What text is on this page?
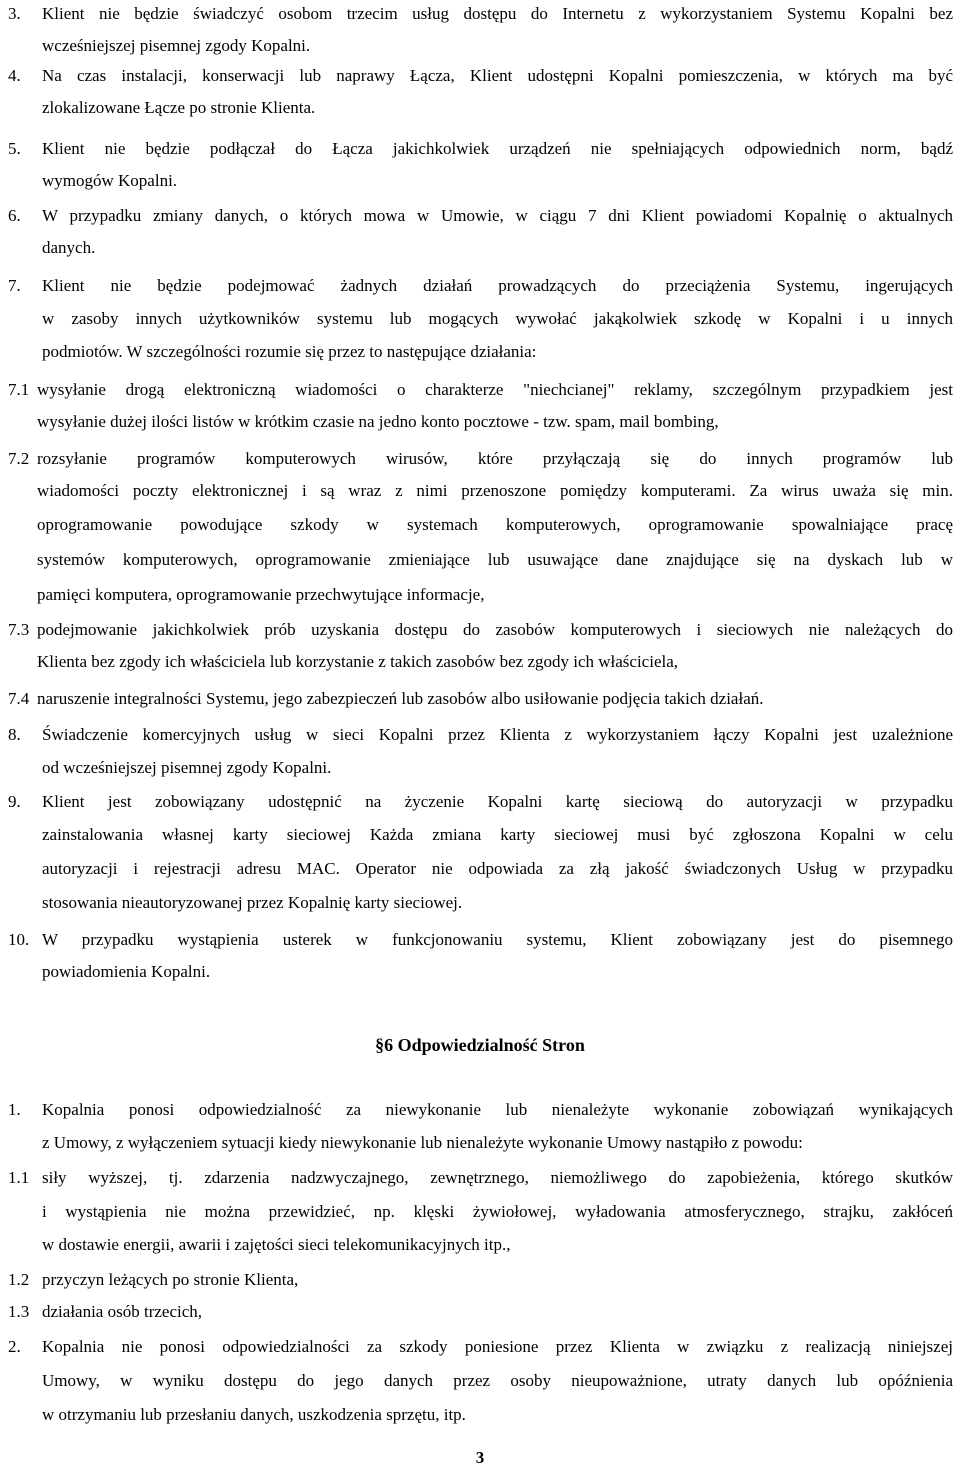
3. Klient nie będzie świadczyć osobom trzecim usług dostępu do Internetu z wykorzystaniem Systemu Kopalni bez
wcześniejszej pisemnej zgody Kopalni.
4. Na czas instalacji, konserwacji lub naprawy Łącza, Klient udostępni Kopalni pomieszczenia, w których ma być
zlokalizowane Łącze po stronie Klienta.
5. Klient nie będzie podłączał do Łącza jakichkolwiek urządzeń nie spełniających odpowiednich norm, bądź
wymogów Kopalni.
6. W przypadku zmiany danych, o których mowa w Umowie, w ciągu 7 dni Klient powiadomi Kopalnię o aktualnych
danych.
7. Klient nie będzie podejmować żadnych działań prowadzących do przeciążenia Systemu, ingerujących
w zasoby innych użytkowników systemu lub mogących wywołać jakąkolwiek szkodę w Kopalni i u innych
podmiotów. W szczególności rozumie się przez to następujące działania:
7.1 wysyłanie drogą elektroniczną wiadomości o charakterze "niechcianej" reklamy, szczególnym przypadkiem jest
wysyłanie dużej ilości listów w krótkim czasie na jedno konto pocztowe - tzw. spam, mail bombing,
7.2 rozsyłanie programów komputerowych wirusów, które przyłączają się do innych programów lub
wiadomości poczty elektronicznej i są wraz z nimi przenoszone pomiędzy komputerami. Za wirus uważa się min.
oprogramowanie powodujące szkody w systemach komputerowych, oprogramowanie spowalniające pracę
systemów komputerowych, oprogramowanie zmieniające lub usuwające dane znajdujące się na dyskach lub w
pamięci komputera, oprogramowanie przechwytujące informacje,
7.3 podejmowanie jakichkolwiek prób uzyskania dostępu do zasobów komputerowych i sieciowych nie należących do
Klienta bez zgody ich właściciela lub korzystanie z takich zasobów bez zgody ich właściciela,
7.4 naruszenie integralności Systemu, jego zabezpieczeń lub zasobów albo usiłowanie podjęcia takich działań.
8. Świadczenie komercyjnych usług w sieci Kopalni przez Klienta z wykorzystaniem łączy Kopalni jest uzależnione
od wcześniejszej pisemnej zgody Kopalni.
9. Klient jest zobowiązany udostępnić na życzenie Kopalni kartę sieciową do autoryzacji w przypadku
zainstalowania własnej karty sieciowej Każda zmiana karty sieciowej musi być zgłoszona Kopalni w celu
autoryzacji i rejestracji adresu MAC. Operator nie odpowiada za złą jakość świadczonych Usług w przypadku
stosowania nieautoryzowanej przez Kopalnię karty sieciowej.
10. W przypadku wystąpienia usterek w funkcjonowaniu systemu, Klient zobowiązany jest do pisemnego
powiadomienia Kopalni.
§6 Odpowiedzialność Stron
1. Kopalnia ponosi odpowiedzialność za niewykonanie lub nienależyte wykonanie zobowiązań wynikających
z Umowy, z wyłączeniem sytuacji kiedy niewykonanie lub nienależyte wykonanie Umowy nastąpiło z powodu:
1.1 siły wyższej, tj. zdarzenia nadzwyczajnego, zewnętrznego, niemożliwego do zapobieżenia, którego skutków
i wystąpienia nie można przewidzieć, np. klęski żywiołowej, wyładowania atmosferycznego, strajku, zakłóceń
w dostawie energii, awarii i zajętości sieci telekomunikacyjnych itp.,
1.2 przyczyn leżących po stronie Klienta,
1.3 działania osób trzecich,
2. Kopalnia nie ponosi odpowiedzialności za szkody poniesione przez Klienta w związku z realizacją niniejszej
Umowy, w wyniku dostępu do jego danych przez osoby nieupoważnione, utraty danych lub opóźnienia
w otrzymaniu lub przesłaniu danych, uszkodzenia sprzętu, itp.
3
